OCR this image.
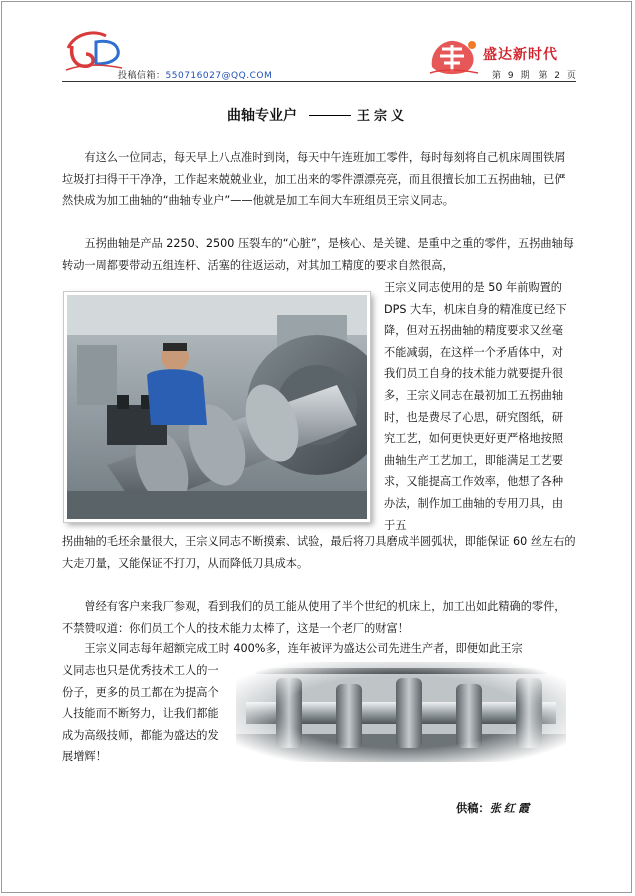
投稿信箱：550716027@QQ.COM
盛达新时代
第 9 期　第 2 页
曲轴专业户	王宗义
有这么一位同志，每天早上八点准时到岗，每天中午连班加工零件，每时每刻将自己机床周围铁屑垃圾打扫得干干净净，工作起来兢兢业业，加工出来的零件漂漂亮亮，而且很擅长加工五拐曲轴，已俨然快成为加工曲轴的“曲轴专业户”——他就是加工车间大车班组员王宗义同志。
五拐曲轴是产品 2250、2500 压裂车的“心脏”，是核心、是关键、是重中之重的零件，五拐曲轴每转动一周都要带动五组连杆、活塞的往返运动，对其加工精度的要求自然很高，
王宗义同志使用的是 50 年前购置的 DPS 大车，机床自身的精准度已经下降，但对五拐曲轴的精度要求又丝毫不能减弱，在这样一个矛盾体中，对我们员工自身的技术能力就要提升很多，王宗义同志在最初加工五拐曲轴时，也是费尽了心思，研究图纸，研究工艺，如何更快更好更严格地按照曲轴生产工艺加工，即能满足工艺要求，又能提高工作效率，他想了各种办法，制作加工曲轴的专用刀具，由于五
拐曲轴的毛坯余量很大，王宗义同志不断摸索、试验，最后将刀具磨成半圆弧状，即能保证 60 丝左右的大走刀量，又能保证不打刀，从而降低刀具成本。
曾经有客户来我厂参观，看到我们的员工能从使用了半个世纪的机床上，加工出如此精确的零件，不禁赞叹道：你们员工个人的技术能力太棒了，这是一个老厂的财富！
王宗义同志每年超额完成工时 400%多，连年被评为盛达公司先进生产者，即便如此王宗
义同志也只是优秀技术工人的一份子，更多的员工都在为提高个人技能而不断努力，让我们都能成为高级技师，都能为盛达的发展增辉！
供稿：张红霞
